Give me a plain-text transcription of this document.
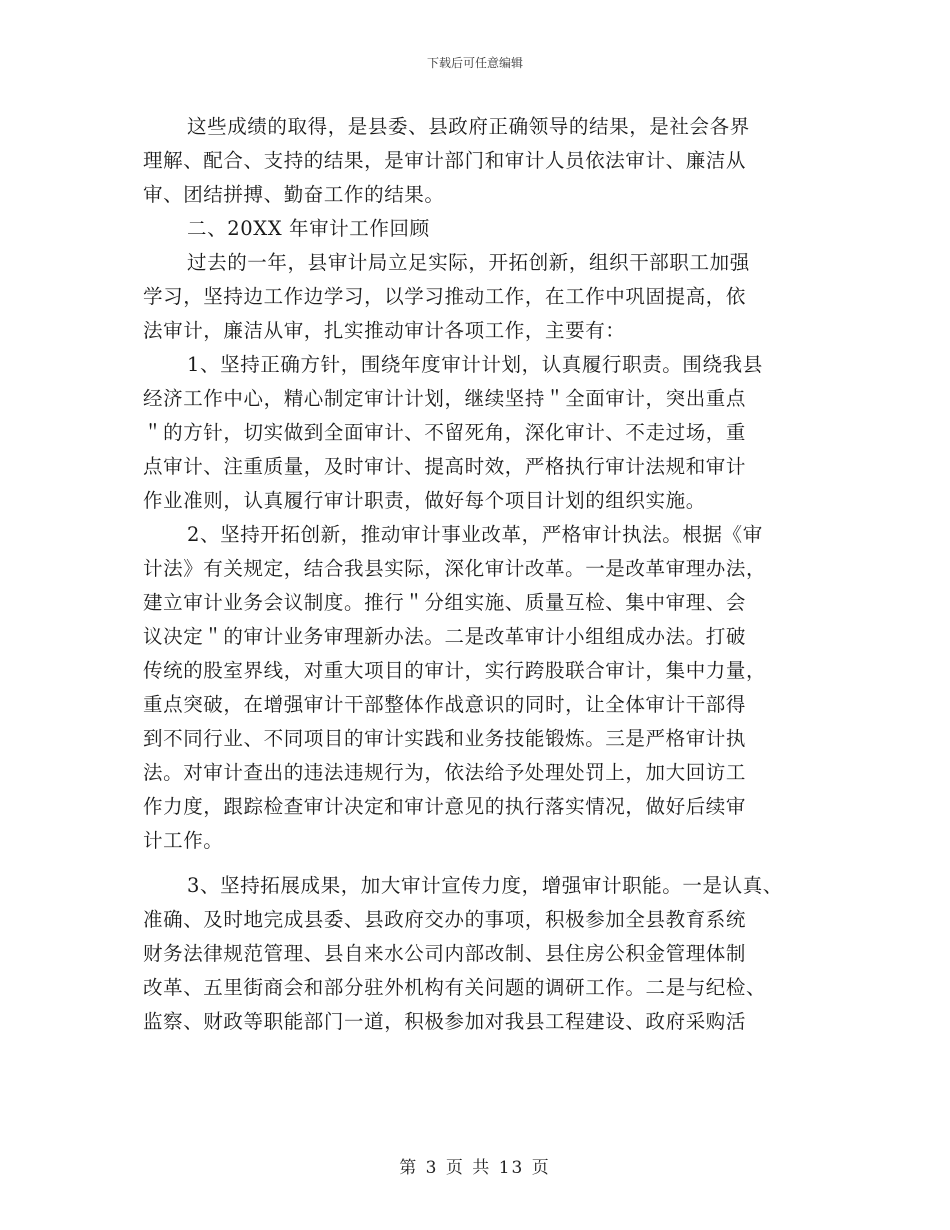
下载后可任意编辑
这些成绩的取得，是县委、县政府正确领导的结果，是社会各界
理解、配合、支持的结果，是审计部门和审计人员依法审计、廉洁从
审、团结拼搏、勤奋工作的结果。
二、20XX 年审计工作回顾
过去的一年，县审计局立足实际，开拓创新，组织干部职工加强
学习，坚持边工作边学习，以学习推动工作，在工作中巩固提高，依
法审计，廉洁从审，扎实推动审计各项工作，主要有：
1、坚持正确方针，围绕年度审计计划，认真履行职责。围绕我县
经济工作中心，精心制定审计计划，继续坚持＂全面审计，突出重点
＂的方针，切实做到全面审计、不留死角，深化审计、不走过场，重
点审计、注重质量，及时审计、提高时效，严格执行审计法规和审计
作业准则，认真履行审计职责，做好每个项目计划的组织实施。
2、坚持开拓创新，推动审计事业改革，严格审计执法。根据《审
计法》有关规定，结合我县实际，深化审计改革。一是改革审理办法，
建立审计业务会议制度。推行＂分组实施、质量互检、集中审理、会
议决定＂的审计业务审理新办法。二是改革审计小组组成办法。打破
传统的股室界线，对重大项目的审计，实行跨股联合审计，集中力量，
重点突破，在增强审计干部整体作战意识的同时，让全体审计干部得
到不同行业、不同项目的审计实践和业务技能锻炼。三是严格审计执
法。对审计查出的违法违规行为，依法给予处理处罚上，加大回访工
作力度，跟踪检查审计决定和审计意见的执行落实情况，做好后续审
计工作。
3、坚持拓展成果，加大审计宣传力度，增强审计职能。一是认真、
准确、及时地完成县委、县政府交办的事项，积极参加全县教育系统
财务法律规范管理、县自来水公司内部改制、县住房公积金管理体制
改革、五里街商会和部分驻外机构有关问题的调研工作。二是与纪检、
监察、财政等职能部门一道，积极参加对我县工程建设、政府采购活
第 3 页 共 13 页
